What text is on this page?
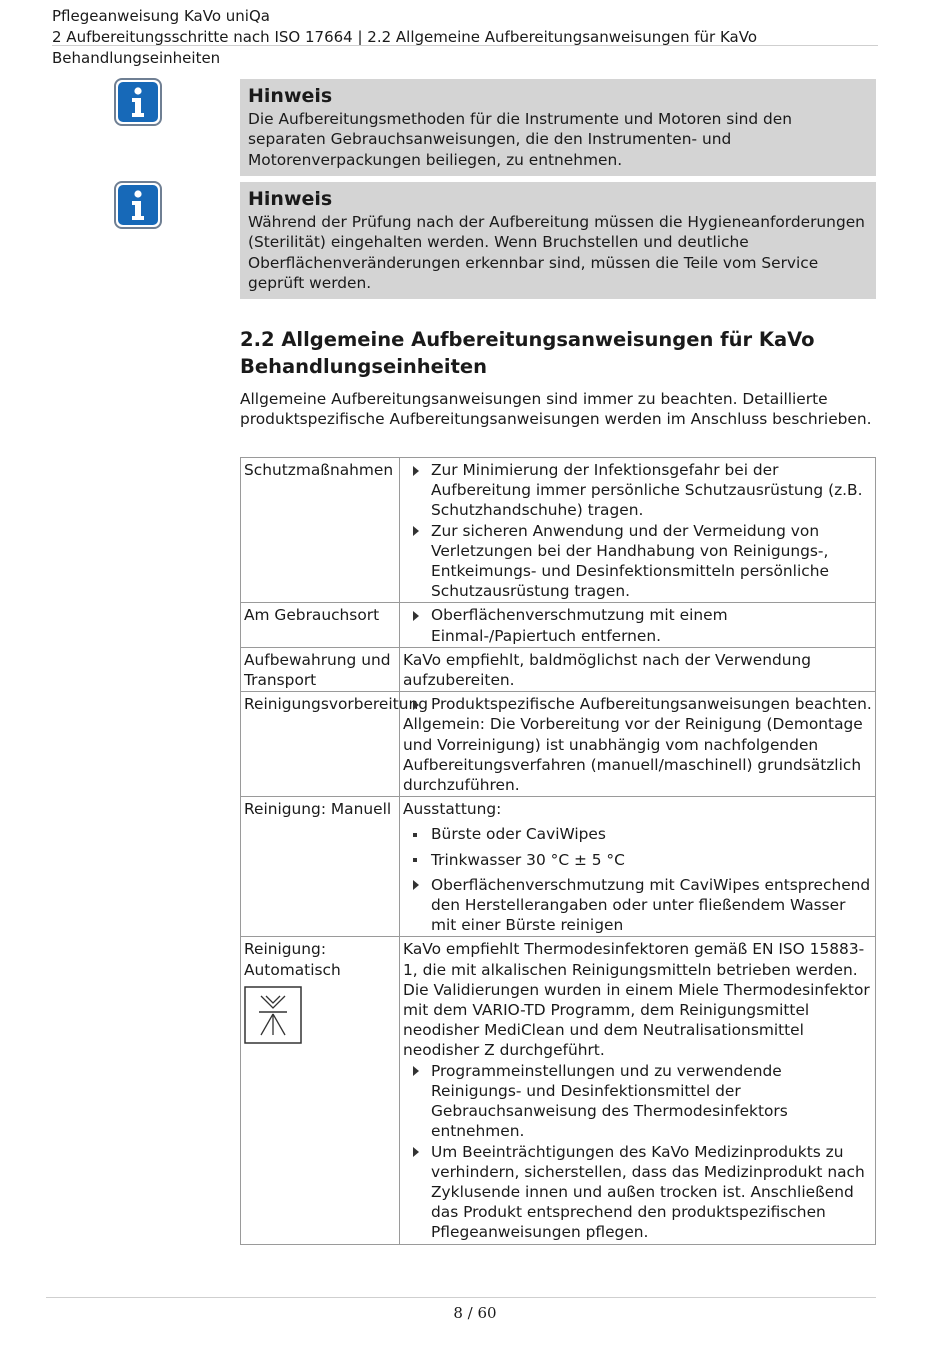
Pflegeanweisung KaVo uniQa
2 Aufbereitungsschritte nach ISO 17664 | 2.2 Allgemeine Aufbereitungsanweisungen für KaVo Behandlungseinheiten
Hinweis
Die Aufbereitungsmethoden für die Instrumente und Motoren sind den separaten Gebrauchsanweisungen, die den Instrumenten- und Motorenverpackungen beiliegen, zu entnehmen.
Hinweis
Während der Prüfung nach der Aufbereitung müssen die Hygieneanforderungen (Sterilität) eingehalten werden. Wenn Bruchstellen und deutliche Oberflächenveränderungen erkennbar sind, müssen die Teile vom Service geprüft werden.
2.2 Allgemeine Aufbereitungsanweisungen für KaVo Behandlungseinheiten
Allgemeine Aufbereitungsanweisungen sind immer zu beachten. Detaillierte produktspezifische Aufbereitungsanweisungen werden im Anschluss beschrieben.
Schutzmaßnahmen	Zur Minimierung der Infektionsgefahr bei der Aufbereitung immer persönliche Schutzausrüstung (z.B. Schutzhandschuhe) tragen.
Zur sicheren Anwendung und der Vermeidung von Verletzungen bei der Handhabung von Reinigungs-, Entkeimungs- und Desinfektionsmitteln persönliche Schutzausrüstung tragen.

Am Gebrauchsort	Oberflächenverschmutzung mit einem Einmal-/Papiertuch entfernen.

Aufbewahrung und Transport	KaVo empfiehlt, baldmöglichst nach der Verwendung aufzubereiten.

Reinigungsvorbereitung	Produktspezifische Aufbereitungsanweisungen beachten.
Allgemein: Die Vorbereitung vor der Reinigung (Demontage und Vorreinigung) ist unabhängig vom nachfolgenden Aufbereitungsverfahren (manuell/maschinell) grundsätzlich durchzuführen.

Reinigung: Manuell	Ausstattung:
Bürste oder CaviWipes
Trinkwasser 30 °C ± 5 °C
Oberflächenverschmutzung mit CaviWipes entsprechend den Herstellerangaben oder unter fließendem Wasser mit einer Bürste reinigen

Reinigung: Automatisch	KaVo empfiehlt Thermodesinfektoren gemäß EN ISO 15883-1, die mit alkalischen Reinigungsmitteln betrieben werden. Die Validierungen wurden in einem Miele Thermodesinfektor mit dem VARIO-TD Programm, dem Reinigungsmittel neodisher MediClean und dem Neutralisationsmittel neodisher Z durchgeführt.
Programmeinstellungen und zu verwendende Reinigungs- und Desinfektionsmittel der Gebrauchsanweisung des Thermodesinfektors entnehmen.
Um Beeinträchtigungen des KaVo Medizinprodukts zu verhindern, sicherstellen, dass das Medizinprodukt nach Zyklusende innen und außen trocken ist. Anschließend das Produkt entsprechend den produktspezifischen Pflegeanweisungen pflegen.
8 / 60
